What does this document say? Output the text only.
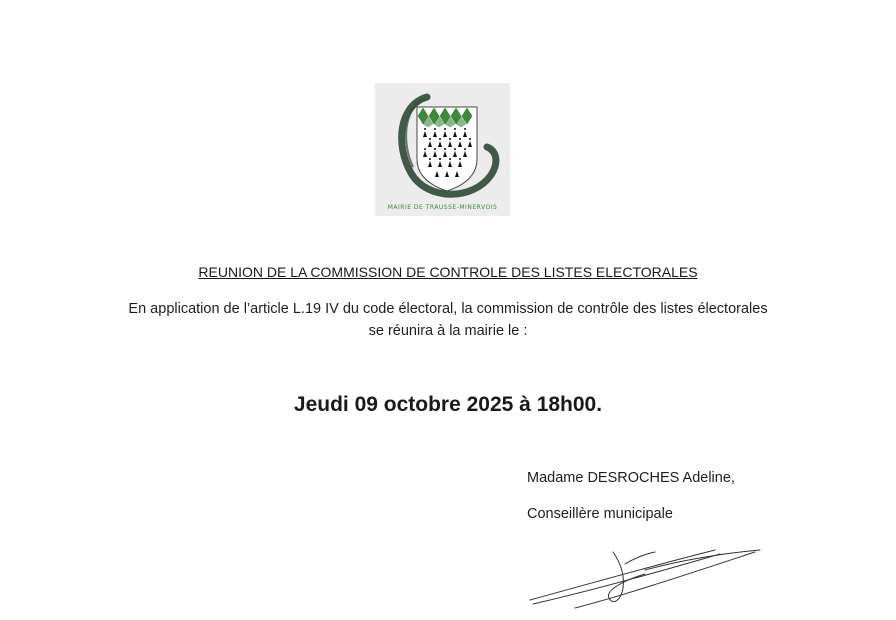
MAIRIE DE TRAUSSE-MINERVOIS
REUNION DE LA COMMISSION DE CONTROLE DES LISTES ELECTORALES
En application de l’article L.19 IV du code électoral, la commission de contrôle des listes électorales
se réunira à la mairie le :
Jeudi 09 octobre 2025 à 18h00.
Madame DESROCHES Adeline,
Conseillère municipale
